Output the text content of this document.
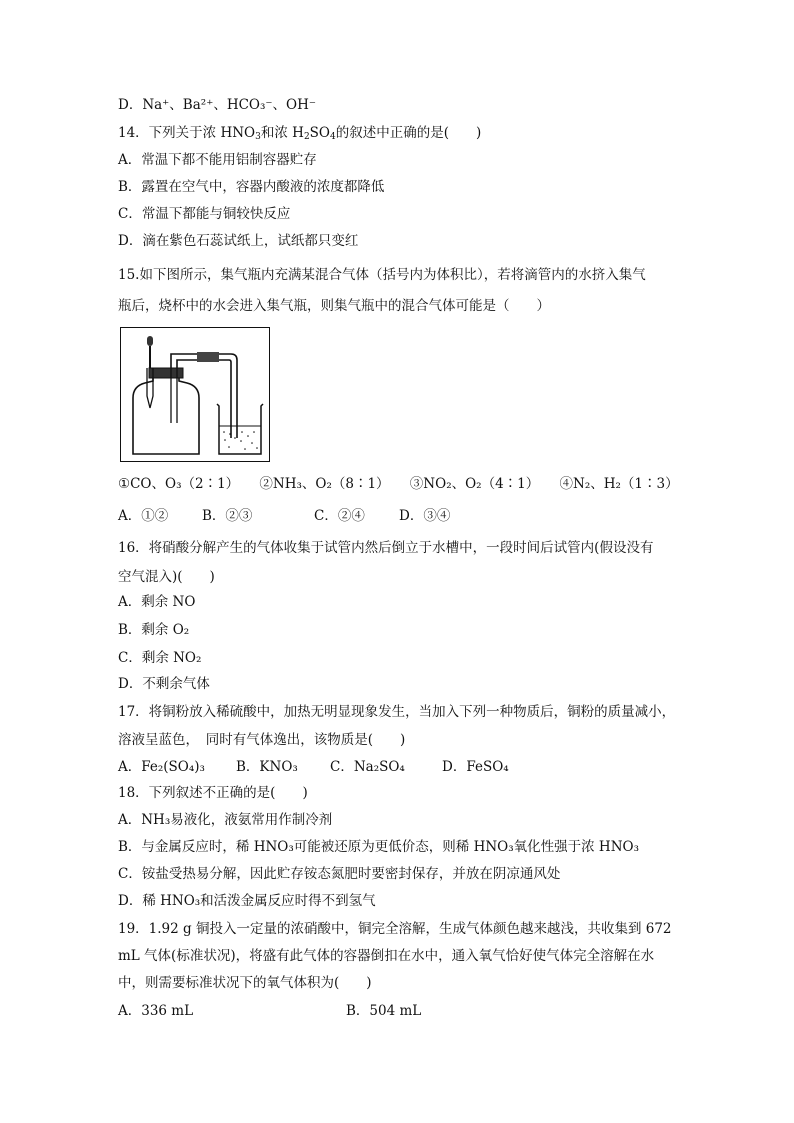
D．Na⁺、Ba²⁺、HCO₃⁻、OH⁻
14．下列关于浓 $HNO_3$和浓 $H_2SO_4$的叙述中正确的是(　　)
A．常温下都不能用铝制容器贮存
B．露置在空气中，容器内酸液的浓度都降低
C．常温下都能与铜较快反应
D．滴在紫色石蕊试纸上，试纸都只变红
15.如下图所示，集气瓶内充满某混合气体（括号内为体积比），若将滴管内的水挤入集气
瓶后，烧杯中的水会进入集气瓶，则集气瓶中的混合气体可能是（　　）
①CO、O₃（2∶1）　　②NH₃、O₂（8∶1）　　③NO₂、O₂（4∶1）　　④N₂、H₂（1∶3）
A．①②	B．②③	C．②④	D．③④
16．将硝酸分解产生的气体收集于试管内然后倒立于水槽中，一段时间后试管内(假设没有
空气混入)(　　)
A．剩余 NO
B．剩余 O₂
C．剩余 NO₂
D．不剩余气体
17．将铜粉放入稀硫酸中，加热无明显现象发生，当加入下列一种物质后，铜粉的质量减小，
溶液呈蓝色，　同时有气体逸出，该物质是(　　)
A．Fe₂(SO₄)₃ B．KNO₃ C．Na₂SO₄	D．FeSO₄
18．下列叙述不正确的是(　　)
A．NH₃易液化，液氨常用作制冷剂
B．与金属反应时，稀 HNO₃可能被还原为更低价态，则稀 HNO₃氧化性强于浓 HNO₃
C．铵盐受热易分解，因此贮存铵态氮肥时要密封保存，并放在阴凉通风处
D．稀 HNO₃和活泼金属反应时得不到氢气
19．1.92 g 铜投入一定量的浓硝酸中，铜完全溶解，生成气体颜色越来越浅，共收集到 672
mL 气体(标准状况)，将盛有此气体的容器倒扣在水中，通入氧气恰好使气体完全溶解在水
中，则需要标准状况下的氧气体积为(　　)
A．336 mL	B．504 mL
